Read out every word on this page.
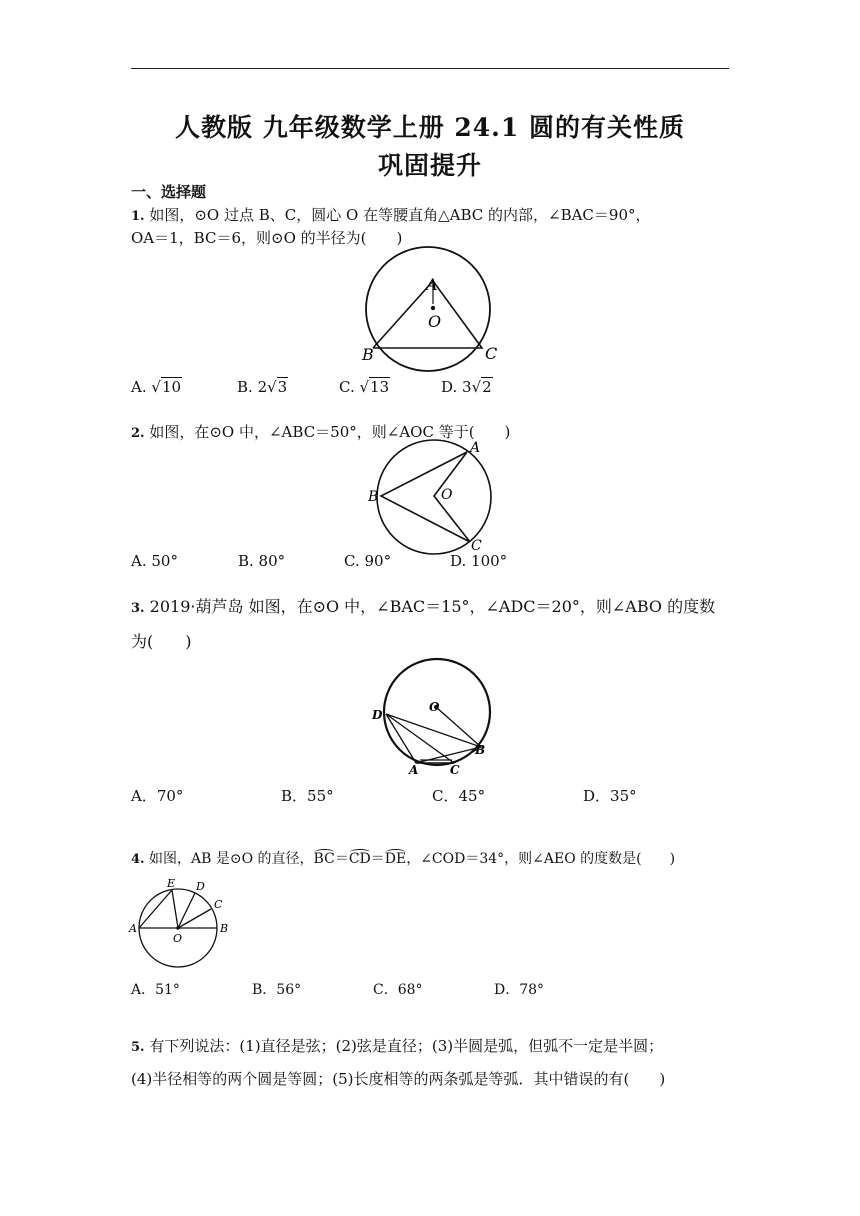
人教版 九年级数学上册 24.1 圆的有关性质
巩固提升
一、选择题
1. 如图，⊙O 过点 B、C，圆心 O 在等腰直角△ABC 的内部，∠BAC＝90°，
OA＝1，BC＝6，则⊙O 的半径为(　　)
A
O
B	C
A. √10	B. 2√3	C. √13	D. 3√2
2. 如图，在⊙O 中，∠ABC＝50°，则∠AOC 等于(　　)
A
B	O
C
A. 50°	B. 80°	C. 90°	D. 100°
3. 2019·葫芦岛 如图，在⊙O 中，∠BAC＝15°，∠ADC＝20°，则∠ABO 的度数
为(　　)
O
D
B
A	C
A．70°	B．55°	C．45°	D．35°
4. 如图，AB 是⊙O 的直径，BC＝CD＝DE，∠COD＝34°，则∠AEO 的度数是(　　)
E D
C
A
O
B
A．51°	B．56°	C．68°	D．78°
5. 有下列说法：(1)直径是弦；(2)弦是直径；(3)半圆是弧，但弧不一定是半圆；
(4)半径相等的两个圆是等圆；(5)长度相等的两条弧是等弧．其中错误的有(　　)
